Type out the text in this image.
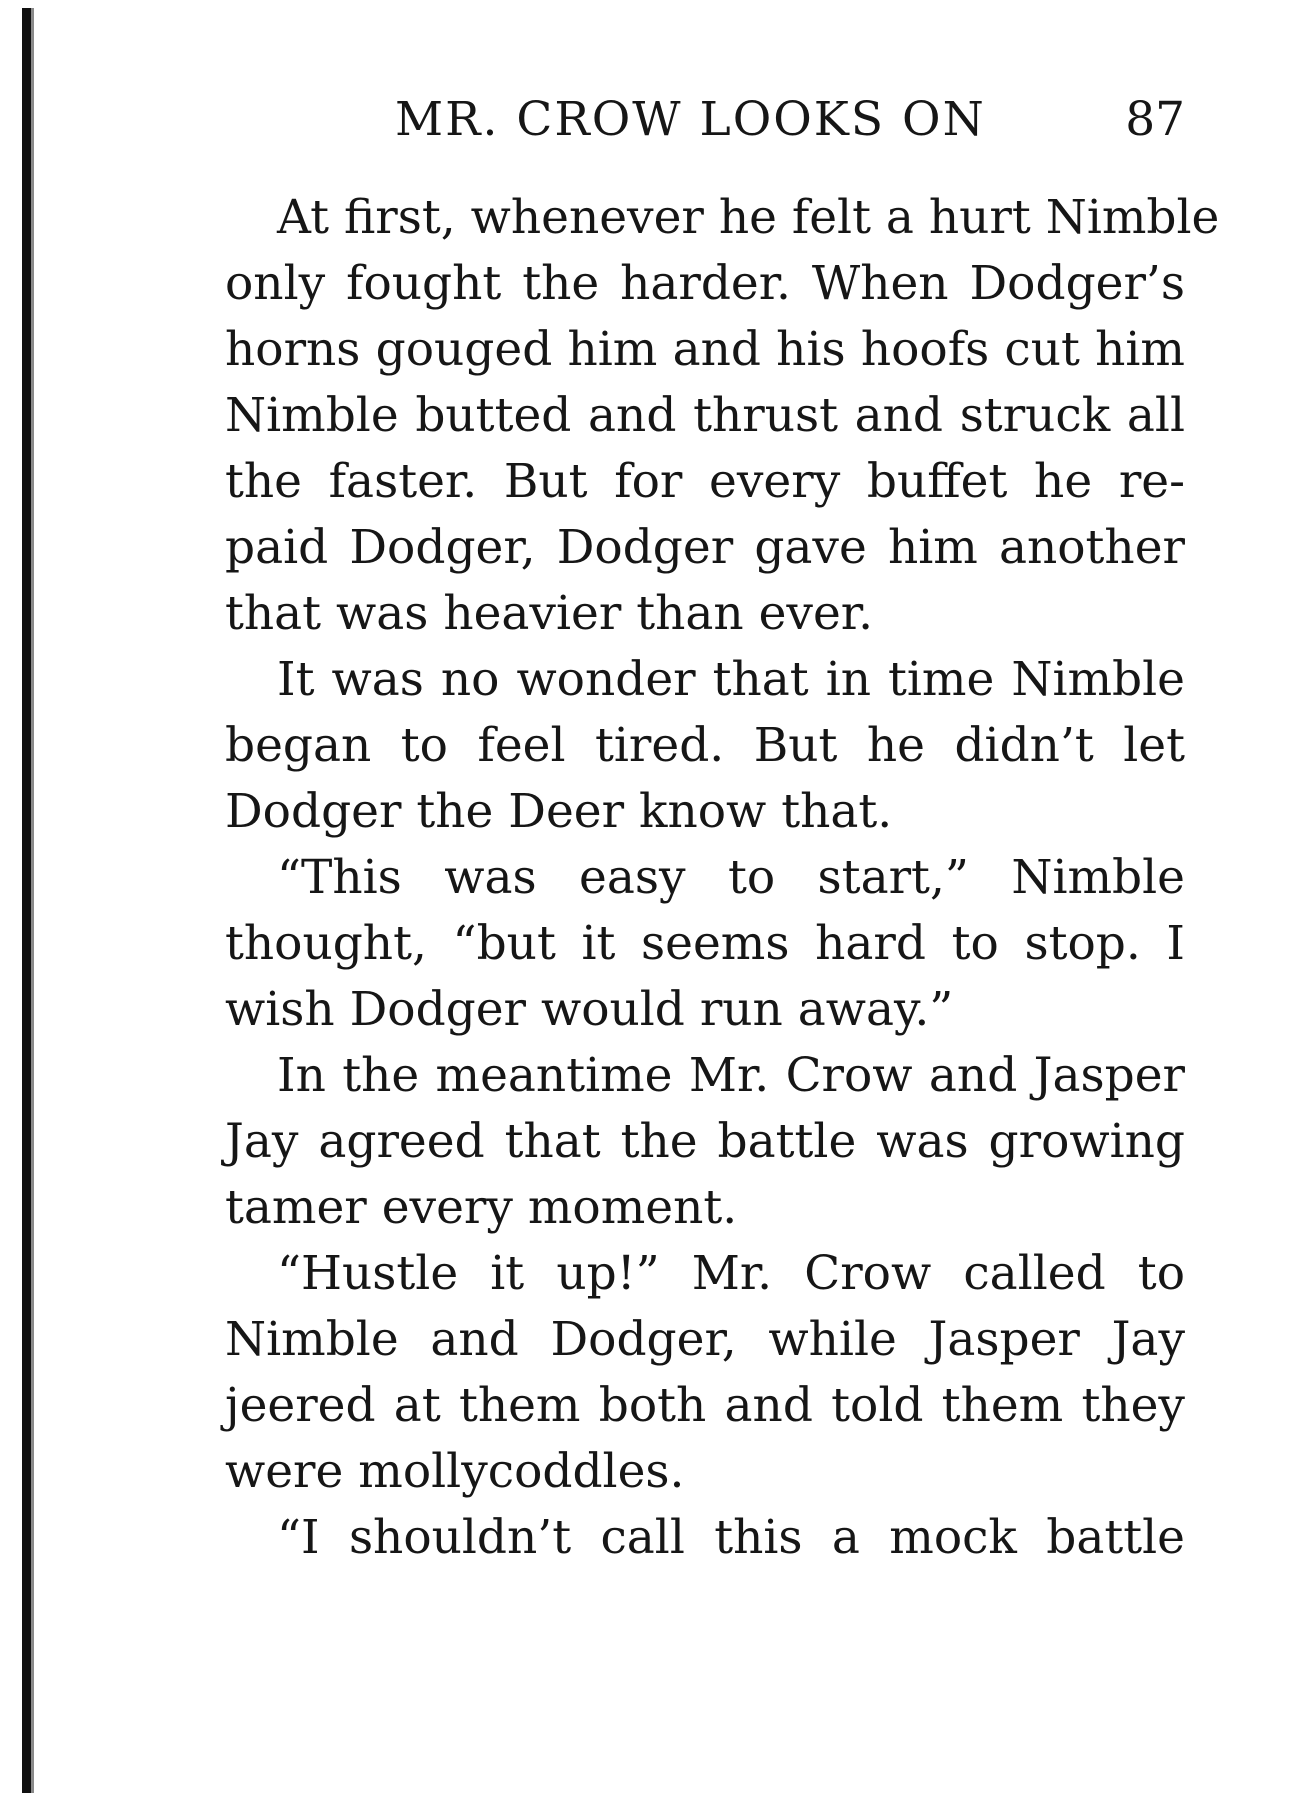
MR. CROW LOOKS ON	87
At first, whenever he felt a hurt Nimble
only fought the harder. When Dodger’s
horns gouged him and his hoofs cut him
Nimble butted and thrust and struck all
the faster. But for every buffet he re-
paid Dodger, Dodger gave him another
that was heavier than ever.
It was no wonder that in time Nimble
began to feel tired. But he didn’t let
Dodger the Deer know that.
“This was easy to start,” Nimble
thought, “but it seems hard to stop. I
wish Dodger would run away.”
In the meantime Mr. Crow and Jasper
Jay agreed that the battle was growing
tamer every moment.
“Hustle it up!” Mr. Crow called to
Nimble and Dodger, while Jasper Jay
jeered at them both and told them they
were mollycoddles.
“I shouldn’t call this a mock battle
